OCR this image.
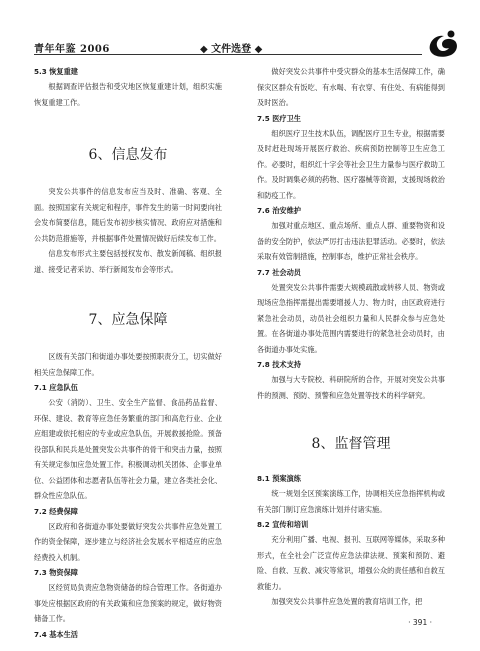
青年年鉴 2006	◆ 文件选登 ◆

5.3 恢复重建

根据调查评估报告和受灾地区恢复重建计划，组织实施恢复重建工作。

6、信息发布

突发公共事件的信息发布应当及时、准确、客观、全面。按照国家有关规定和程序，事件发生的第一时间要向社会发布简要信息，随后发布初步核实情况、政府应对措施和公共防范措施等，并根据事件处置情况做好后续发布工作。

信息发布形式主要包括授权发布、散发新闻稿、组织报道、接受记者采访、举行新闻发布会等形式。

7、应急保障

区级有关部门和街道办事处要按照职责分工，切实做好相关应急保障工作。

7.1 应急队伍

公安（消防）、卫生、安全生产监督、食品药品监督、环保、建设、教育等应急任务繁重的部门和高危行业、企业应组建或依托相应的专业或应急队伍，开展救援抢险。预备役部队和民兵是处置突发公共事件的骨干和突击力量，按照有关规定参加应急处置工作。积极调动机关团体、企事业单位、公益团体和志愿者队伍等社会力量，建立各类社会化、群众性应急队伍。

7.2 经费保障

区政府和各街道办事处要做好突发公共事件应急处置工作的资金保障，逐步建立与经济社会发展水平相适应的应急经费投入机制。

7.3 物资保障

区经贸局负责应急物资储备的综合管理工作。各街道办事处应根据区政府的有关政策和应急预案的规定，做好物资储备工作。

7.4 基本生活

做好突发公共事件中受灾群众的基本生活保障工作，确保灾区群众有饭吃、有水喝、有衣穿、有住处、有病能得到及时医治。

7.5 医疗卫生

组织医疗卫生技术队伍，调配医疗卫生专业，根据需要及时赶赴现场开展医疗救治、疾病预防控制等卫生应急工作。必要时，组织红十字会等社会卫生力量参与医疗救助工作。及时调集必须的药物、医疗器械等资源，支援现场救治和防疫工作。

7.6 治安维护

加强对重点地区、重点场所、重点人群、重要物资和设备的安全防护，依法严厉打击违法犯罪活动。必要时，依法采取有效管制措施，控制事态，维护正常社会秩序。

7.7 社会动员

处置突发公共事件需要大规模疏散或转移人员、物资或现场应急指挥需提出需要增援人力、物力时，由区政府进行紧急社会动员，动员社会组织力量和人民群众参与应急处置。在各街道办事处范围内需要进行的紧急社会动员时，由各街道办事处实施。

7.8 技术支持

加强与大专院校、科研院所的合作，开展对突发公共事件的预测、预防、预警和应急处置等技术的科学研究。

8、监督管理

8.1 预案演练

统一规划全区预案演练工作，协调相关应急指挥机构或有关部门制订应急演练计划并付诸实施。

8.2 宣传和培训

充分利用广播、电视、报刊、互联网等媒体，采取多种形式，在全社会广泛宣传应急法律法规、预案和预防、避险、自救、互救、减灾等常识，增强公众的责任感和自救互救能力。

加强突发公共事件应急处置的教育培训工作，把

· 391 ·
